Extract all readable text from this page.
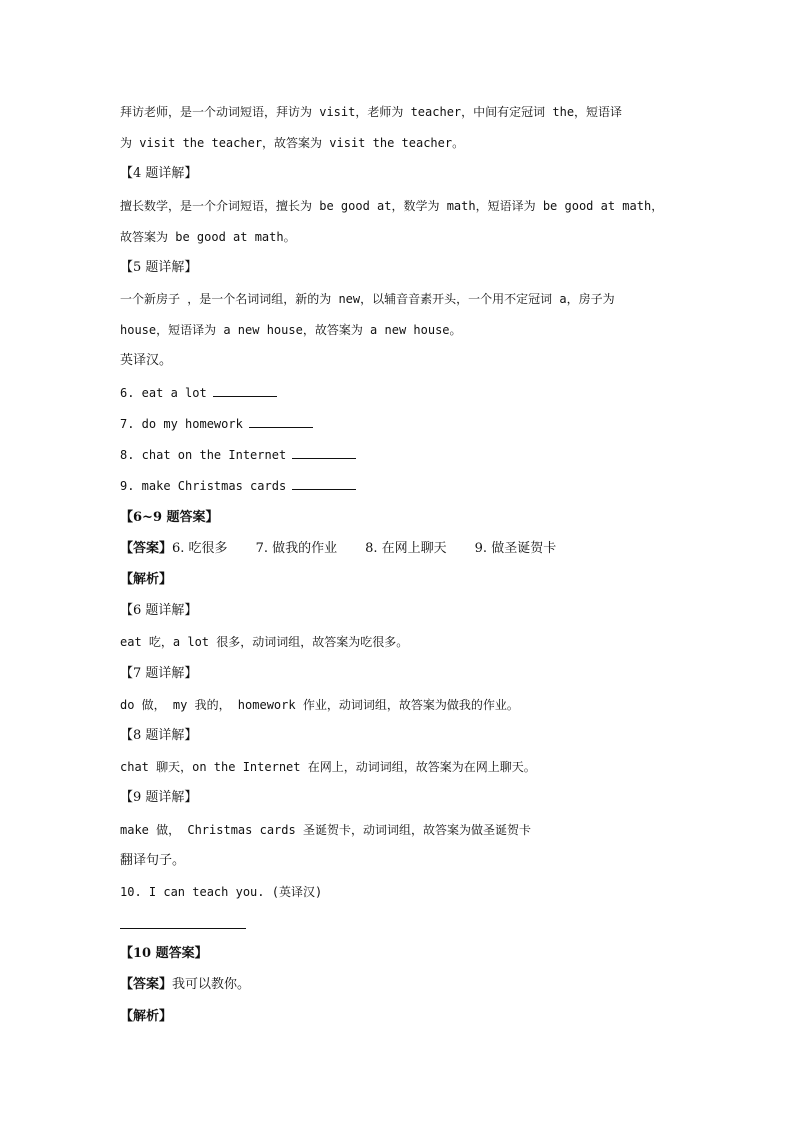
拜访老师，是一个动词短语，拜访为 visit，老师为 teacher，中间有定冠词 the，短语译
为 visit the teacher，故答案为 visit the teacher。
【4 题详解】
擅长数学，是一个介词短语，擅长为 be good at，数学为 math，短语译为 be good at math，
故答案为 be good at math。
【5 题详解】
一个新房子 ，是一个名词词组，新的为 new，以辅音音素开头，一个用不定冠词 a，房子为
house，短语译为 a new house，故答案为 a new house。
英译汉。
6. eat a lot
7. do my homework
8. chat on the Internet
9. make Christmas cards
【6~9 题答案】
【答案】6. 吃很多 7. 做我的作业 8. 在网上聊天 9. 做圣诞贺卡
【解析】
【6 题详解】
eat 吃，a lot 很多，动词词组，故答案为吃很多。
【7 题详解】
do 做， my 我的， homework 作业，动词词组，故答案为做我的作业。
【8 题详解】
chat 聊天，on the Internet 在网上，动词词组，故答案为在网上聊天。
【9 题详解】
make 做， Christmas cards 圣诞贺卡，动词词组，故答案为做圣诞贺卡
翻译句子。
10. I can teach you. (英译汉)
【10 题答案】
【答案】我可以教你。
【解析】
